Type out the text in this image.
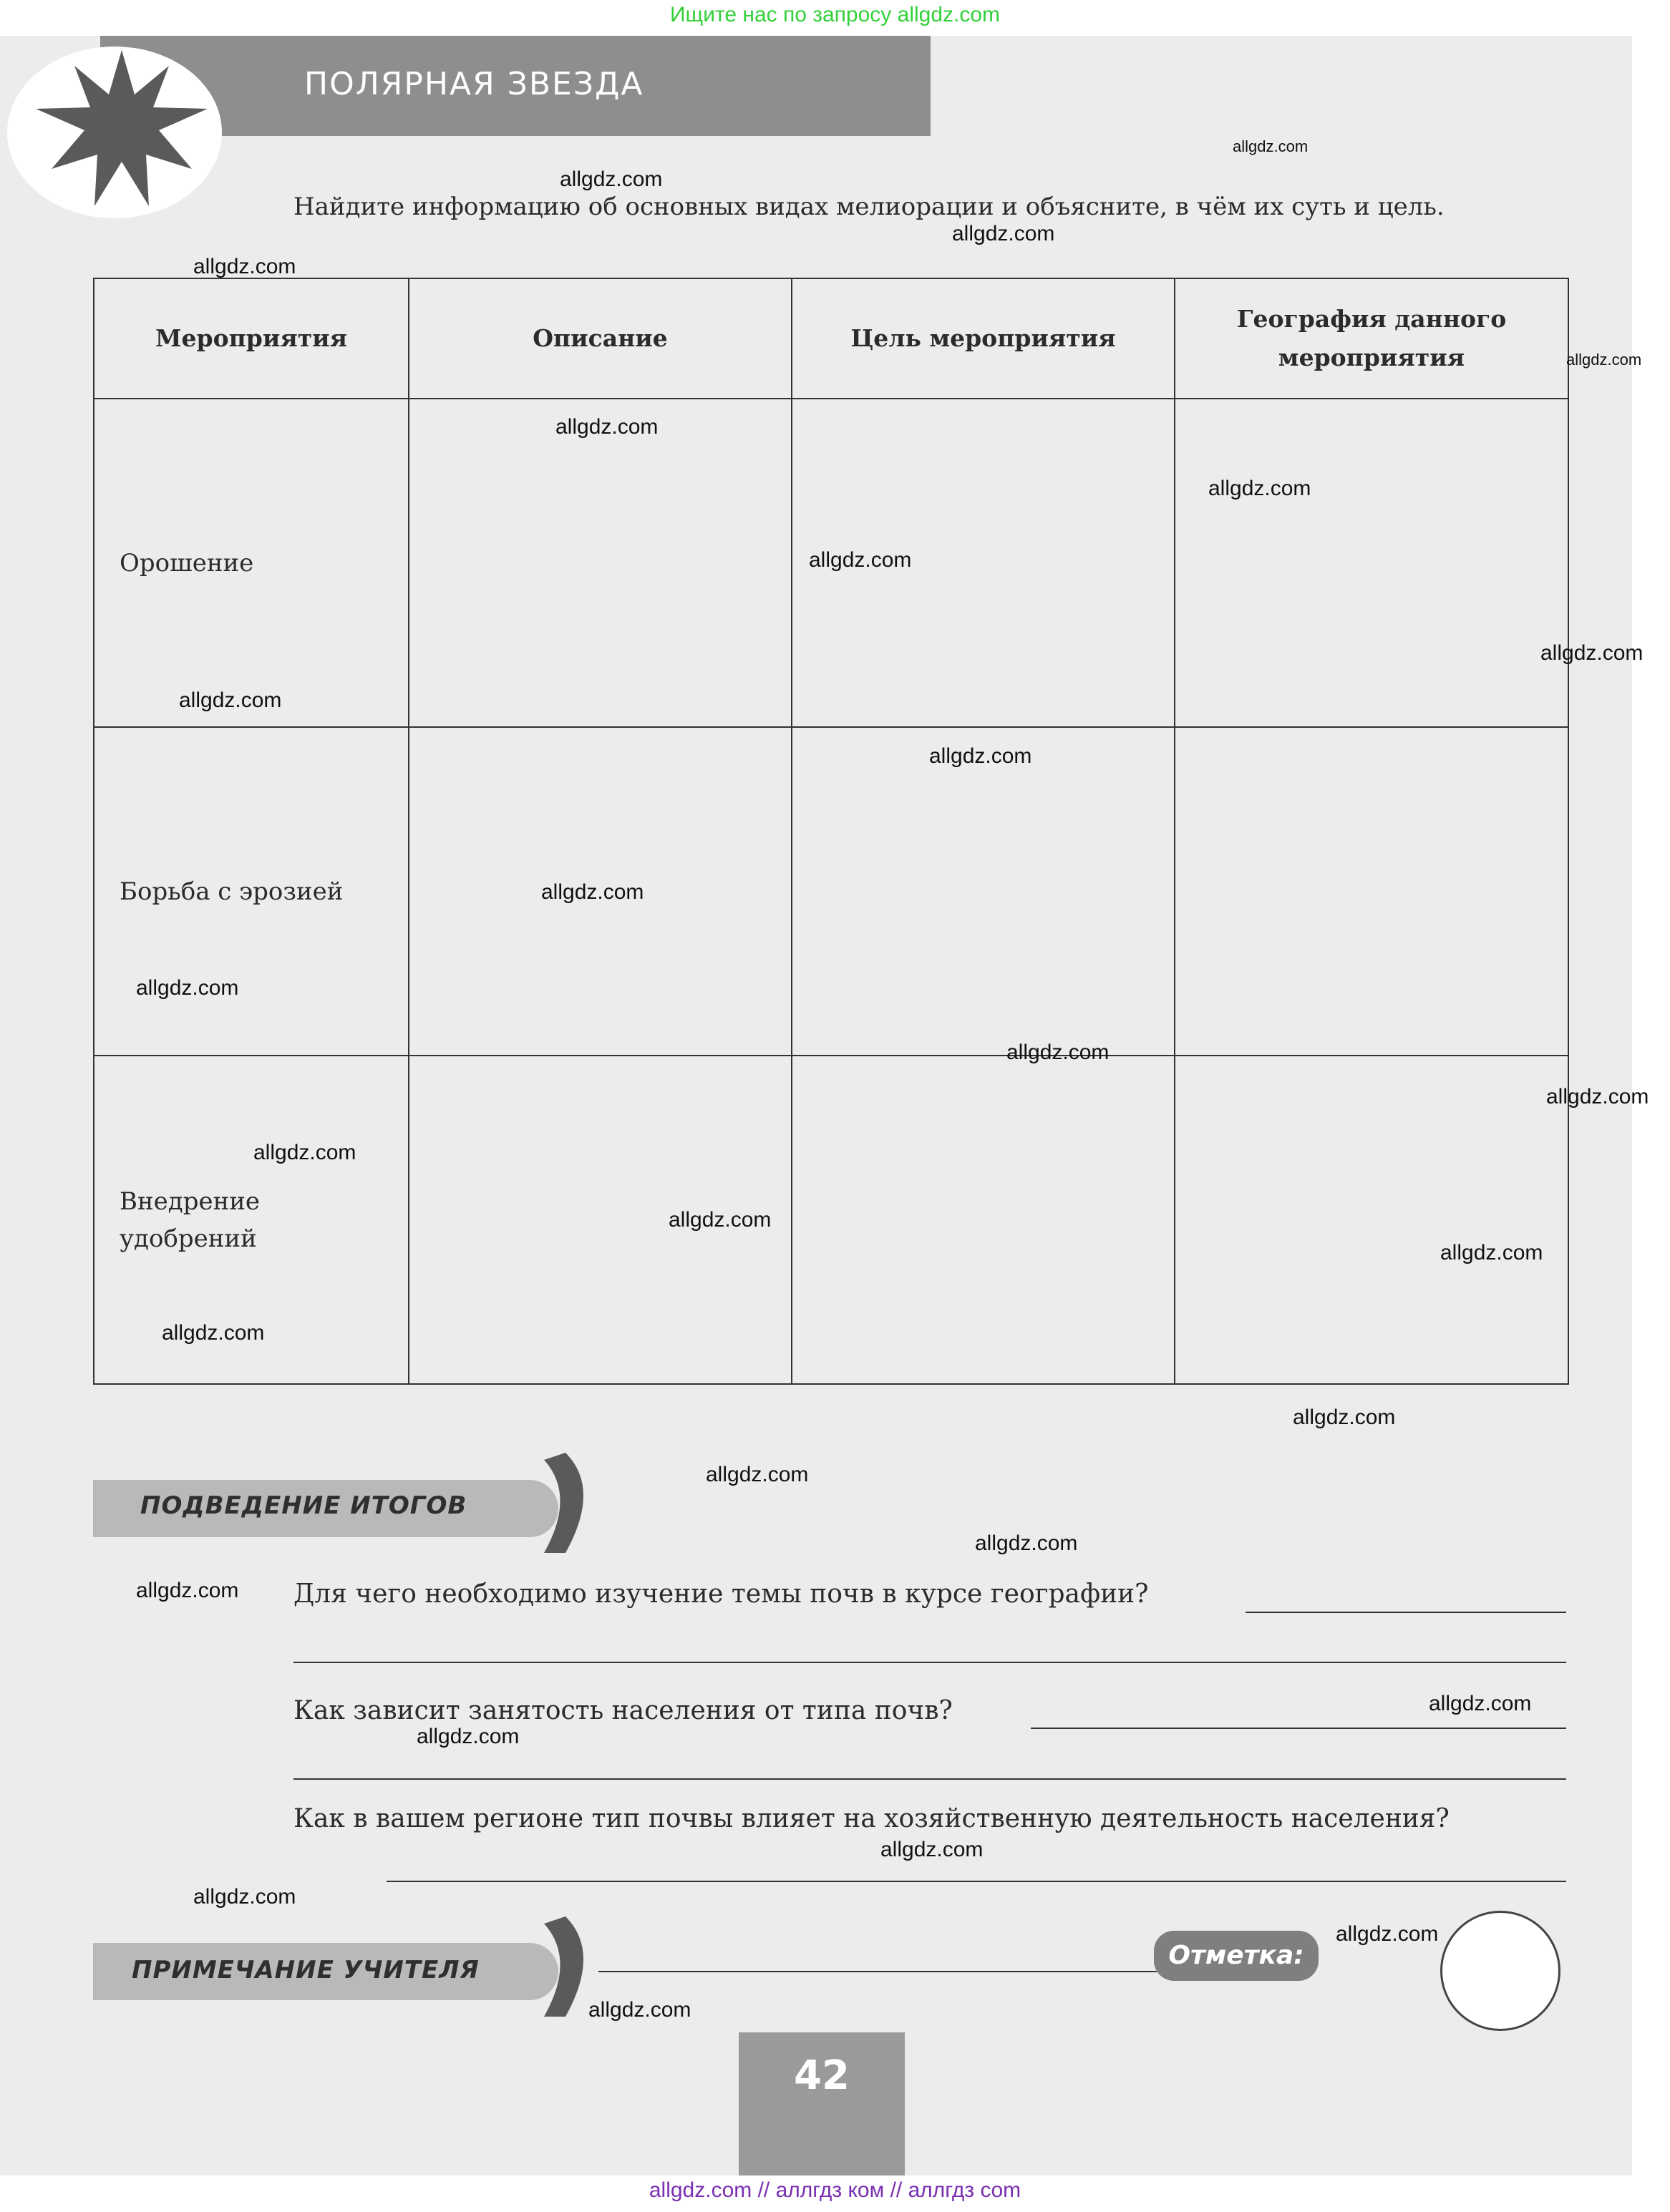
Ищите нас по запросу allgdz.com
ПОЛЯРНАЯ ЗВЕЗДА
Найдите информацию об основных видах мелиорации и объясните, в чём их суть и цель.
Мероприятия	Описание	Цель мероприятия	География данного мероприятия
Орошение			
Борьба с эрозией			
Внедрение удобрений			
ПОДВЕДЕНИЕ ИТОГОВ
Для чего необходимо изучение темы почв в курсе географии?
Как зависит занятость населения от типа почв?
Как в вашем регионе тип почвы влияет на хозяйственную деятельность населения?
ПРИМЕЧАНИЕ УЧИТЕЛЯ	Отметка:
42
allgdz.com // аллгдз ком // аллгдз com
allgdz.com
allgdz.com
allgdz.com
allgdz.com
allgdz.com
allgdz.com
allgdz.com
allgdz.com
allgdz.com
allgdz.com
allgdz.com
allgdz.com
allgdz.com
allgdz.com
allgdz.com
allgdz.com
allgdz.com
allgdz.com
allgdz.com
allgdz.com
allgdz.com
allgdz.com
allgdz.com
allgdz.com
allgdz.com
allgdz.com
allgdz.com
allgdz.com
allgdz.com
